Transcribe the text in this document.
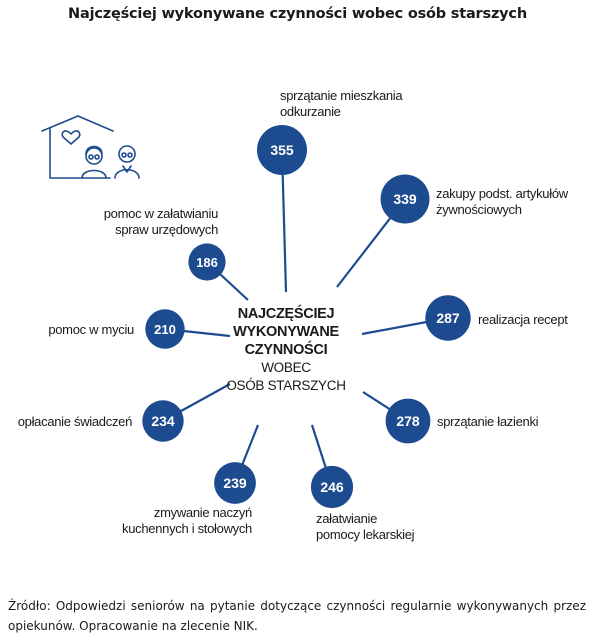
Najczęściej wykonywane czynności wobec osób starszych
NAJCZĘŚCIEJ
WYKONYWANE
CZYNNOŚCI
WOBEC
OSÓB STARSZYCH
355
339
287
278
246
239
234
210
186
sprzątanie mieszkania
odkurzanie
zakupy podst. artykułów
żywnościowych
realizacja recept
sprzątanie łazienki
załatwianie
pomocy lekarskiej
zmywanie naczyń
kuchennych i stołowych
opłacanie świadczeń
pomoc w myciu
pomoc w załatwianiu
spraw urzędowych
Źródło: Odpowiedzi seniorów na pytanie dotyczące czynności regularnie wykonywanych przez opiekunów. Opracowanie na zlecenie NIK.
